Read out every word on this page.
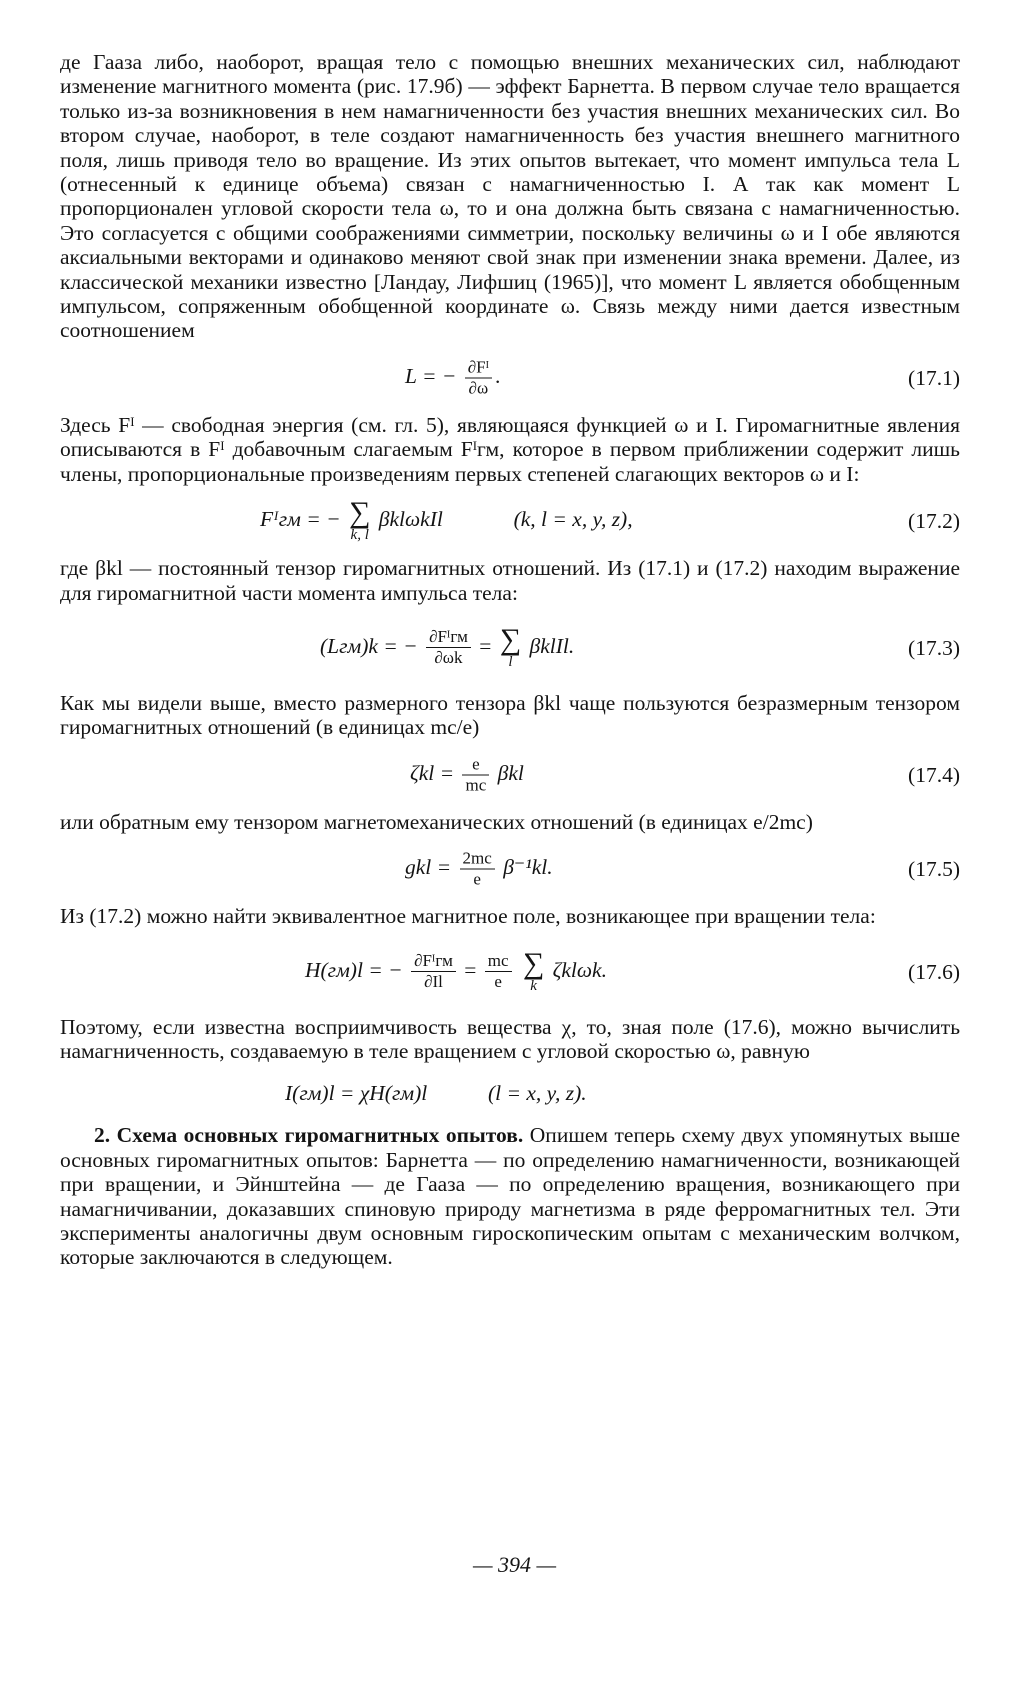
де Гааза либо, наоборот, вращая тело с помощью внешних механических сил, наблюдают изменение магнитного момента (рис. 17.9б) — эффект Барнетта. В первом случае тело вращается только из-за возникновения в нем намагниченности без участия внешних механических сил. Во втором случае, наоборот, в теле создают намагниченность без участия внешнего магнитного поля, лишь приводя тело во вращение. Из этих опытов вытекает, что момент импульса тела L (отнесенный к единице объема) связан с намагниченностью I. А так как момент L пропорционален угловой скорости тела ω, то и она должна быть связана с намагниченностью. Это согласуется с общими соображениями симметрии, поскольку величины ω и I обе являются аксиальными векторами и одинаково меняют свой знак при изменении знака времени. Далее, из классической механики известно [Ландау, Лифшиц (1965)], что момент L является обобщенным импульсом, сопряженным обобщенной координате ω. Связь между ними дается известным соотношением

L = − $\frac{\text{∂Fᴵ}}{\partial\omega}$ .	(17.1)

Здесь Fᴵ — свободная энергия (см. гл. 5), являющаяся функцией ω и I. Гиромагнитные явления описываются в Fᴵ добавочным слагаемым Fᴵгм, которое в первом приближении содержит лишь члены, пропорциональные произведениям первых степеней слагающих векторов ω и I:

Fᴵгм = − ∑
k, l
βklωkIl	(k, l = x, y, z),	(17.2)

где βkl — постоянный тензор гиромагнитных отношений. Из (17.1) и (17.2) находим выражение для гиромагнитной части момента импульса тела:

(Lгм)k = − $\frac{\text{∂Fᴵгм}}{\partial\omega k}$ = ∑
l
βklIl.	(17.3)

Как мы видели выше, вместо размерного тензора βkl чаще пользуются безразмерным тензором гиромагнитных отношений (в единицах mc/e)

$\zeta kl = \frac{e}{mc}$ βkl	(17.4)

или обратным ему тензором магнетомеханических отношений (в единицах e/2mc)

gkl = $\frac{2mc}{e} \beta^{-1}kl$.	(17.5)

Из (17.2) можно найти эквивалентное магнитное поле, возникающее при вращении тела:

H(гм)l = − $\frac{\text{∂Fᴵгм}}{\partial Il} = \frac{mc}{e}$
∑
k
ζklωk.	(17.6)

Поэтому, если известна восприимчивость вещества χ, то, зная поле (17.6), можно вычислить намагниченность, создаваемую в теле вращением с угловой скоростью ω, равную

I(гм)l = χH(гм)l	(l = x, y, z).

2. Схема основных гиромагнитных опытов. Опишем теперь схему двух упомянутых выше основных гиромагнитных опытов: Барнетта — по определению намагниченности, возникающей при вращении, и Эйнштейна — де Гааза — по определению вращения, возникающего при намагничивании, доказавших спиновую природу магнетизма в ряде ферромагнитных тел. Эти эксперименты аналогичны двум основным гироскопическим опытам с механическим волчком, которые заключаются в следующем.

— 394 —
